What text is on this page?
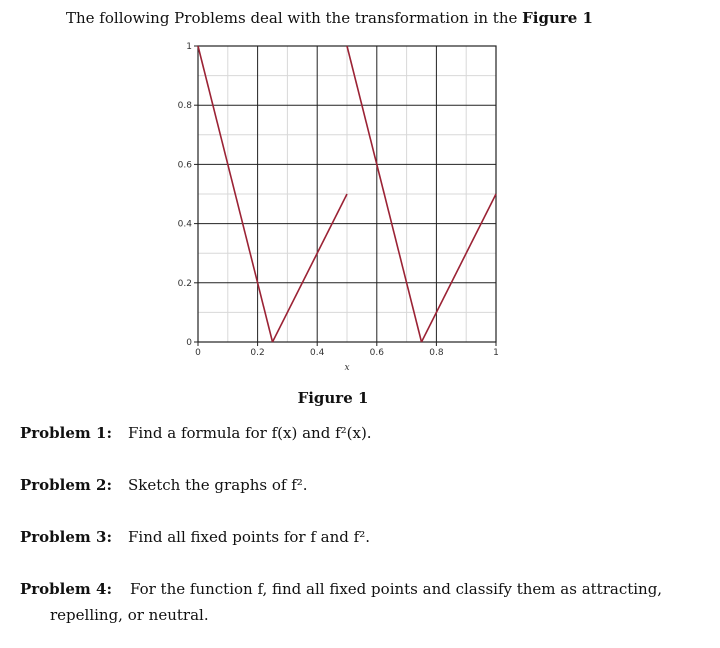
The following Problems deal with the transformation in the Figure 1
0	0.2	0.4	0.6	0.8	1
0
0.2
0.4
0.6
0.8
1
x
Figure 1
Problem 1: Find a formula for f(x) and f²(x).
Problem 2: Sketch the graphs of f².
Problem 3: Find all fixed points for f and f².
Problem 4: For the function f, find all fixed points and classify them as attracting,
repelling, or neutral.
